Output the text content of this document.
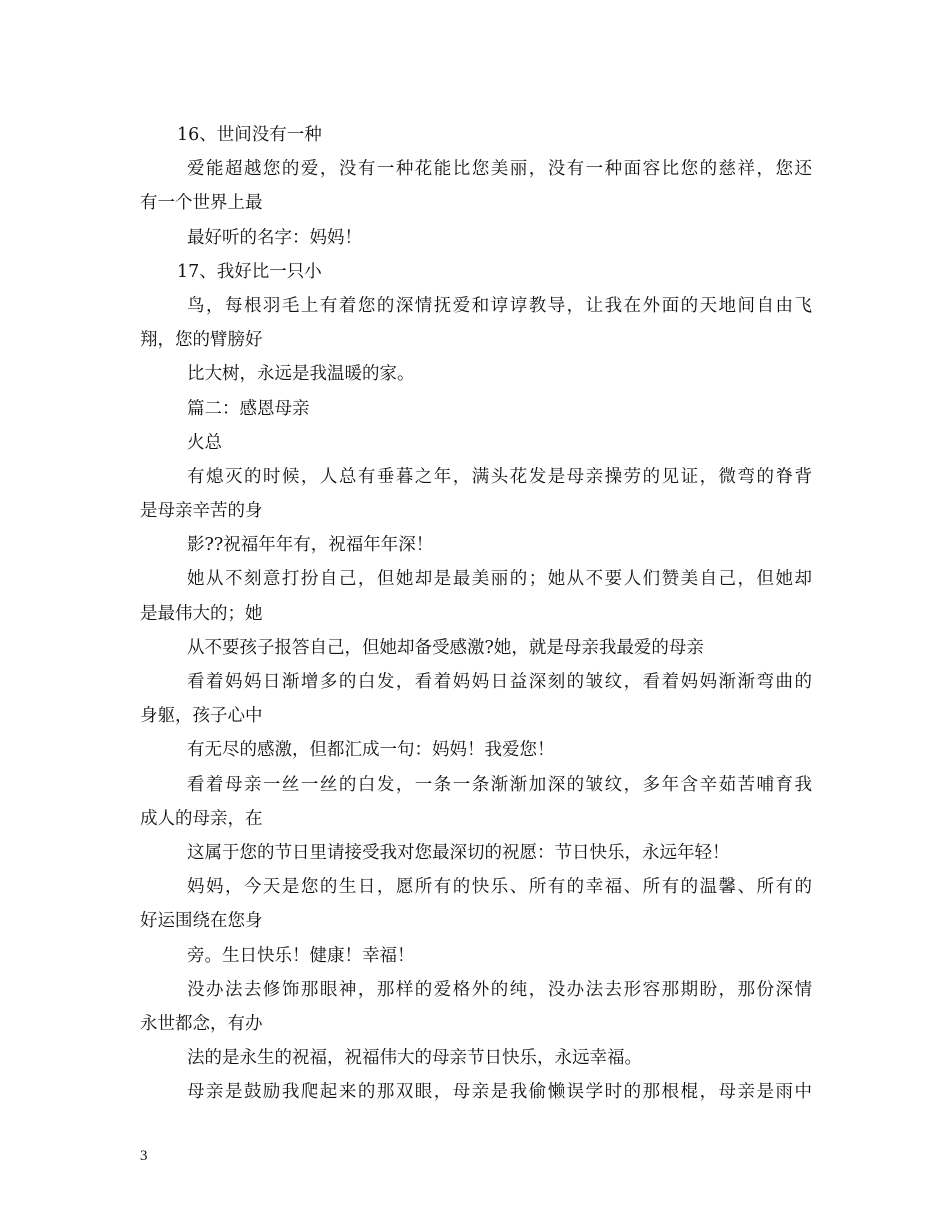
16、世间没有一种
爱能超越您的爱，没有一种花能比您美丽，没有一种面容比您的慈祥，您还
有一个世界上最
最好听的名字：妈妈！
17、我好比一只小
鸟，每根羽毛上有着您的深情抚爱和谆谆教导，让我在外面的天地间自由飞
翔，您的臂膀好
比大树，永远是我温暖的家。
篇二：感恩母亲
火总
有熄灭的时候，人总有垂暮之年，满头花发是母亲操劳的见证，微弯的脊背
是母亲辛苦的身
影??祝福年年有，祝福年年深！
她从不刻意打扮自己，但她却是最美丽的；她从不要人们赞美自己，但她却
是最伟大的；她
从不要孩子报答自己，但她却备受感激?她，就是母亲我最爱的母亲
看着妈妈日渐增多的白发，看着妈妈日益深刻的皱纹，看着妈妈渐渐弯曲的
身躯，孩子心中
有无尽的感激，但都汇成一句：妈妈！我爱您！
看着母亲一丝一丝的白发，一条一条渐渐加深的皱纹，多年含辛茹苦哺育我
成人的母亲，在
这属于您的节日里请接受我对您最深切的祝愿：节日快乐，永远年轻！
妈妈，今天是您的生日，愿所有的快乐、所有的幸福、所有的温馨、所有的
好运围绕在您身
旁。生日快乐！健康！幸福！
没办法去修饰那眼神，那样的爱格外的纯，没办法去形容那期盼，那份深情
永世都念，有办
法的是永生的祝福，祝福伟大的母亲节日快乐，永远幸福。
母亲是鼓励我爬起来的那双眼，母亲是我偷懒误学时的那根棍，母亲是雨中
3
